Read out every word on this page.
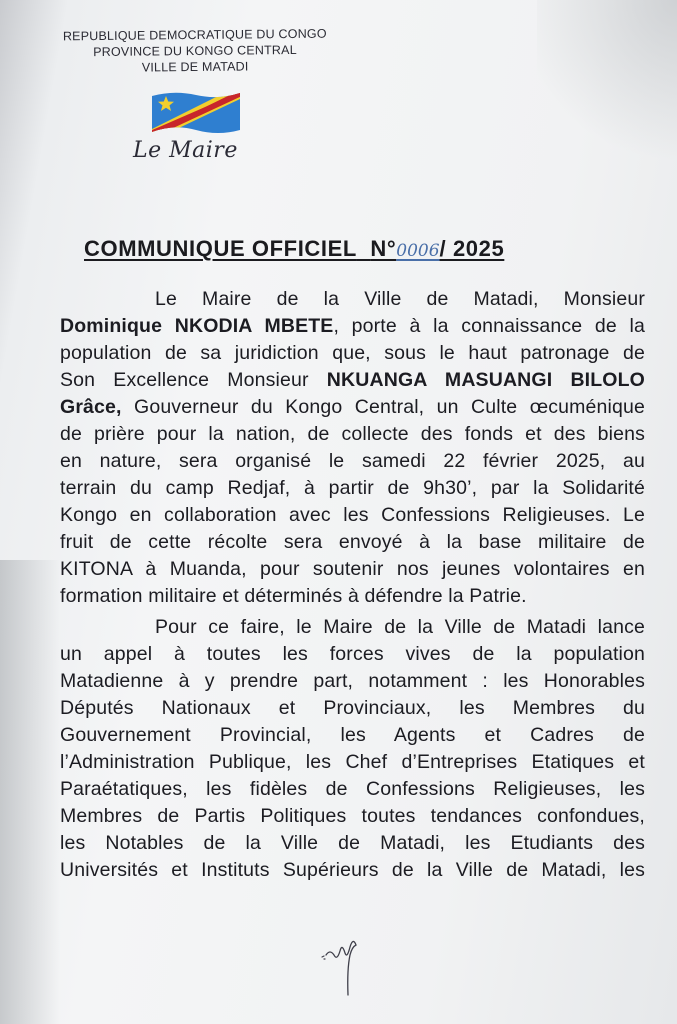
REPUBLIQUE DEMOCRATIQUE DU CONGO
PROVINCE DU KONGO CENTRAL
VILLE DE MATADI
Le Maire
COMMUNIQUE OFFICIEL N°0006/ 2025
Le Maire de la Ville de Matadi, Monsieur
Dominique NKODIA MBETE, porte à la connaissance de la
population de sa juridiction que, sous le haut patronage de
Son Excellence Monsieur NKUANGA MASUANGI BILOLO
Grâce, Gouverneur du Kongo Central, un Culte œcuménique
de prière pour la nation, de collecte des fonds et des biens
en nature, sera organisé le samedi 22 février 2025, au
terrain du camp Redjaf, à partir de 9h30’, par la Solidarité
Kongo en collaboration avec les Confessions Religieuses. Le
fruit de cette récolte sera envoyé à la base militaire de
KITONA à Muanda, pour soutenir nos jeunes volontaires en
formation militaire et déterminés à défendre la Patrie.
Pour ce faire, le Maire de la Ville de Matadi lance
un appel à toutes les forces vives de la population
Matadienne à y prendre part, notamment : les Honorables
Députés Nationaux et Provinciaux, les Membres du
Gouvernement Provincial, les Agents et Cadres de
l’Administration Publique, les Chef d’Entreprises Etatiques et
Paraétatiques, les fidèles de Confessions Religieuses, les
Membres de Partis Politiques toutes tendances confondues,
les Notables de la Ville de Matadi, les Etudiants des
Universités et Instituts Supérieurs de la Ville de Matadi, les
